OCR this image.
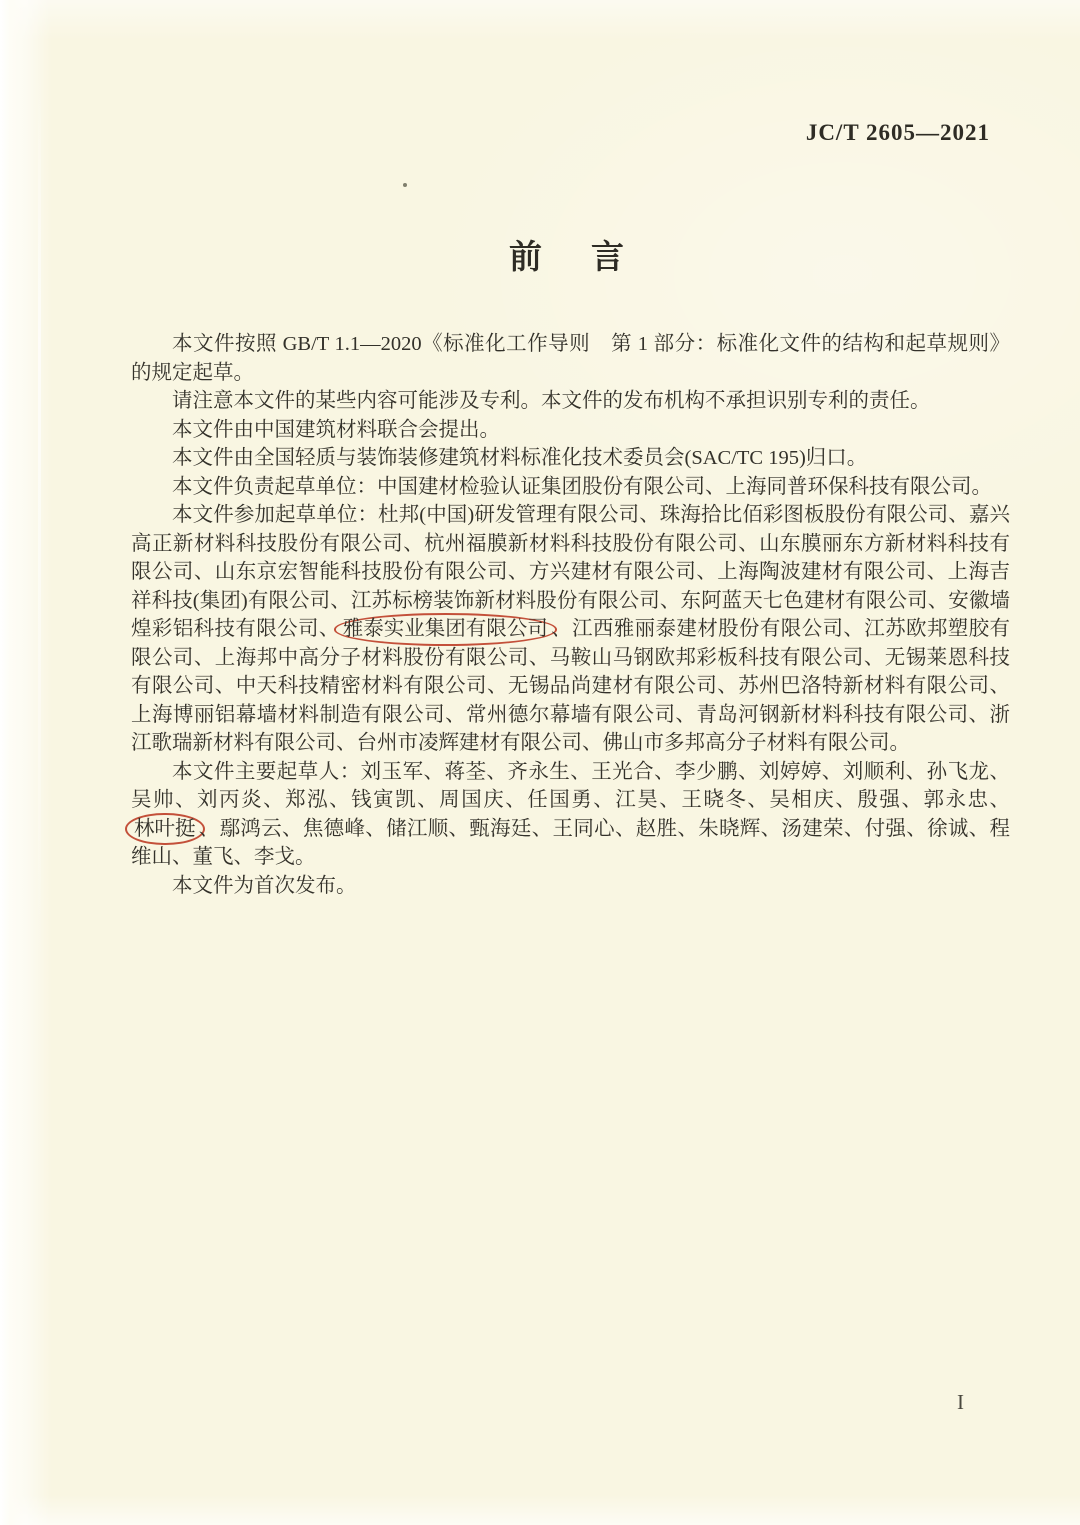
JC/T 2605—2021
前　言

本文件按照 GB/T 1.1—2020《标准化工作导则　第 1 部分：标准化文件的结构和起草规则》的规定起草。

请注意本文件的某些内容可能涉及专利。本文件的发布机构不承担识别专利的责任。

本文件由中国建筑材料联合会提出。

本文件由全国轻质与装饰装修建筑材料标准化技术委员会(SAC/TC 195)归口。

本文件负责起草单位：中国建材检验认证集团股份有限公司、上海同普环保科技有限公司。

本文件参加起草单位：杜邦(中国)研发管理有限公司、珠海拾比佰彩图板股份有限公司、嘉兴高正新材料科技股份有限公司、杭州福膜新材料科技股份有限公司、山东膜丽东方新材料科技有限公司、山东京宏智能科技股份有限公司、方兴建材有限公司、上海陶波建材有限公司、上海吉祥科技(集团)有限公司、江苏标榜装饰新材料股份有限公司、东阿蓝天七色建材有限公司、安徽墙煌彩铝科技有限公司、 雅泰实业集团有限公司 、江西雅丽泰建材股份有限公司、江苏欧邦塑胶有限公司、上海邦中高分子材料股份有限公司、马鞍山马钢欧邦彩板科技有限公司、无锡莱恩科技有限公司、中天科技精密材料有限公司、无锡品尚建材有限公司、苏州巴洛特新材料有限公司、上海博丽铝幕墙材料制造有限公司、常州德尔幕墙有限公司、青岛河钢新材料科技有限公司、浙江歌瑞新材料有限公司、台州市凌辉建材有限公司、佛山市多邦高分子材料有限公司。

本文件主要起草人：刘玉军、蒋荃、齐永生、王光合、李少鹏、刘婷婷、刘顺利、孙飞龙、吴帅、刘丙炎、郑泓、钱寅凯、周国庆、任国勇、江昊、王晓冬、吴相庆、殷强、郭永忠、林叶挺 、鄢鸿云、焦德峰、储江顺、甄海廷、王同心、赵胜、朱晓辉、汤建荣、付强、徐诚、程维山、董飞、李戈。

本文件为首次发布。

I
